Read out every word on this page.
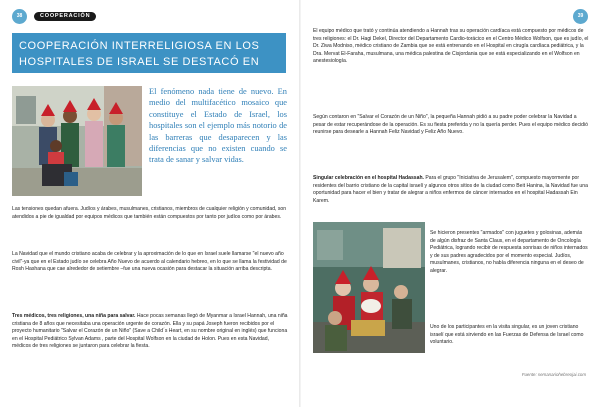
38	COOPERACIÓN
COOPERACIÓN INTERRELIGIOSA EN LOS HOSPITALES DE ISRAEL SE DESTACÓ EN NAVIDAD

El fenómeno nada tiene de nuevo. En medio del multifacético mosaico que constituye el Estado de Israel, los hospitales son el ejemplo más notorio de las barreras que desaparecen y las diferencias que no existen cuando se trata de sanar y salvar vidas.

Las tensiones quedan afuera. Judíos y árabes, musulmanes, cristianos, miembros de cualquier religión y comunidad, son atendidos a pie de igualdad por equipos médicos que también están compuestos por tanto por judíos como por árabes.

La Navidad que el mundo cristiano acaba de celebrar y la aproximación de lo que en Israel suele llamarse "el nuevo año civil"-ya que en el Estado judío se celebra Año Nuevo de acuerdo al calendario hebreo, en lo que se llama la festividad de Rosh Hashana que cae alrededor de setiembre –fue una nueva ocasión para destacar la situación arriba descripta.

Tres médicos, tres religiones, una niña para salvar. Hace pocas semanas llegó de Myanmar a Israel Hannah, una niña cristiana de 8 años que necesitaba una operación urgente de corazón. Ella y su papá Joseph fueron recibidos por el proyecto humanitario "Salvar el Corazón de un Niño" (Save a Child´s Heart, en su nombre original en inglés) que funciona en el Hospital Pediátrico Sylvan Adams , parte del Hospital Wolfson en la ciudad de Holon. Pues en esta Navidad, médicos de tres religiones se juntaron para celebrar la fiesta.

39

El equipo médico que trató y continúa atendiendo a Hannah tras su operación cardíaca está compuesto por médicos de tres religiones: el Dr. Hagi Dekel, Director del Departamento Cardio-torácico en el Centro Médico Wolfson, que es judío, el Dr. Ziwa Modniso, médico cristiano de Zambia que se está entrenando en el Hospital en cirugía cardíaca pediátrica, y la Dra. Mervat El-Faraha, musulmana, una médica palestina de Cisjordania que se está especializando en el Wolfson en anestesiología.

Según contaron en "Salvar el Corazón de un Niño", la pequeña Hannah pidió a su padre poder celebrar la Navidad a pesar de estar recuperándose de la operación. Es su fiesta preferida y no la quería perder. Pues el equipo médico decidió reunirse para desearle a Hannah Feliz Navidad y Feliz Año Nuevo.

Singular celebración en el hospital Hadassah. Para el grupo "Iniciativa de Jerusalem", compuesto mayormente por residentes del barrio cristiano de la capital israelí y algunos otros sitios de la ciudad como Beit Hanina, la Navidad fue una oportunidad para hacer el bien y tratar de alegrar a niños enfermos de cáncer internados en el hospital Hadassah Ein Karem.

Se hicieron presentes "armados" con juguetes y golosinas, además de algún disfraz de Santa Claus, en el departamento de Oncología Pediátrica, logrando recibir de respuesta sonrisas de niños internados y de sus padres agradecidos por el momento especial. Judíos, musulmanes, cristianos, no había diferencia ninguna en el deseo de alegrar.

Uno de los participantes en la visita singular, es un joven cristiano israelí que está sirviendo en las Fuerzas de Defensa de Israel como voluntario.

Fuente: semanariohebreojai.com
